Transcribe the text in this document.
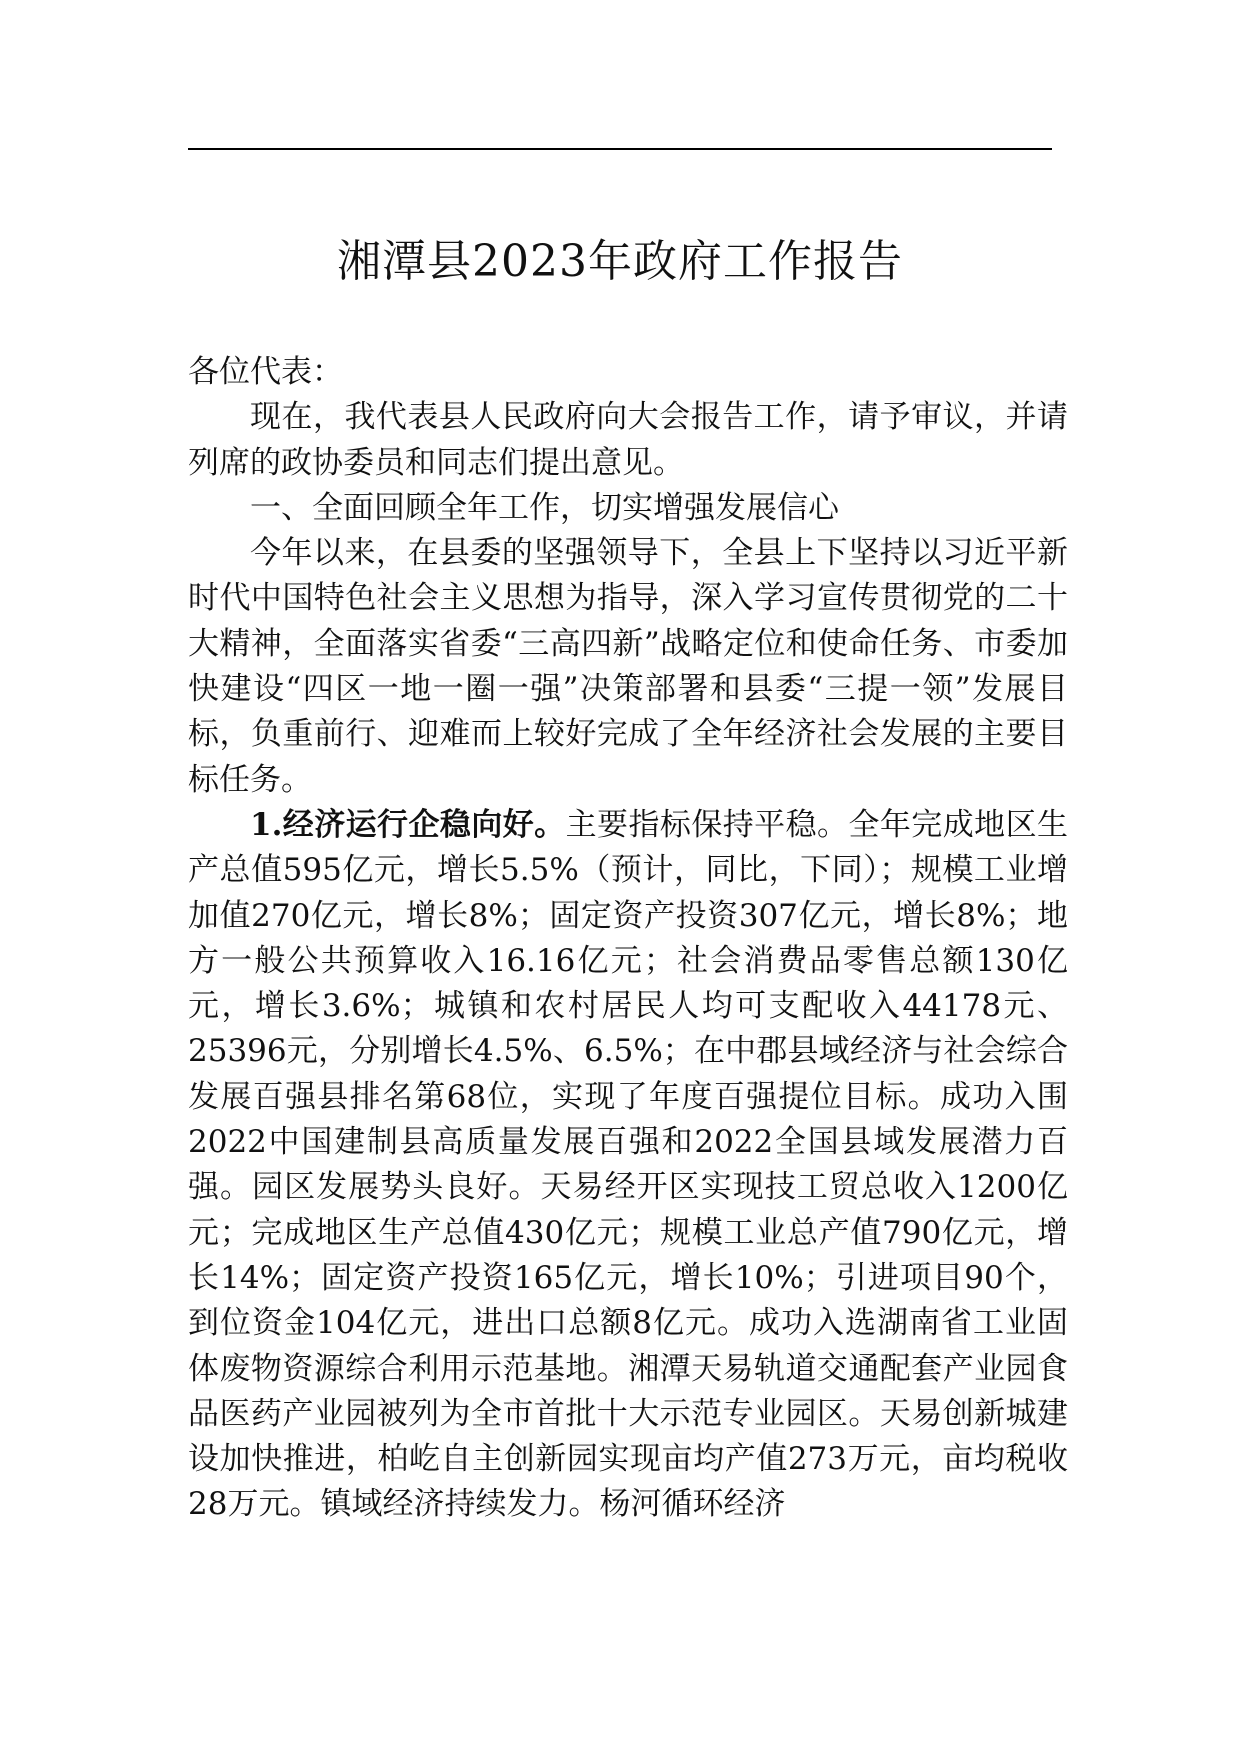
湘潭县2023年政府工作报告

各位代表：

现在，我代表县人民政府向大会报告工作，请予审议，并请列席的政协委员和同志们提出意见。

一、全面回顾全年工作，切实增强发展信心

今年以来，在县委的坚强领导下，全县上下坚持以习近平新时代中国特色社会主义思想为指导，深入学习宣传贯彻党的二十大精神，全面落实省委“三高四新”战略定位和使命任务、市委加快建设“四区一地一圈一强”决策部署和县委“三提一领”发展目标，负重前行、迎难而上较好完成了全年经济社会发展的主要目标任务。

1.经济运行企稳向好。主要指标保持平稳。全年完成地区生产总值595亿元，增长5.5%（预计，同比，下同）；规模工业增加值270亿元，增长8%；固定资产投资307亿元，增长8%；地方一般公共预算收入16.16亿元；社会消费品零售总额130亿元，增长3.6%；城镇和农村居民人均可支配收入44178元、25396元，分别增长4.5%、6.5%；在中郡县域经济与社会综合发展百强县排名第68位，实现了年度百强提位目标。成功入围2022中国建制县高质量发展百强和2022全国县域发展潜力百强。园区发展势头良好。天易经开区实现技工贸总收入1200亿元；完成地区生产总值430亿元；规模工业总产值790亿元，增长14%；固定资产投资165亿元，增长10%；引进项目90个，到位资金104亿元，进出口总额8亿元。成功入选湖南省工业固体废物资源综合利用示范基地。湘潭天易轨道交通配套产业园食品医药产业园被列为全市首批十大示范专业园区。天易创新城建设加快推进，柏屹自主创新园实现亩均产值273万元，亩均税收28万元。镇域经济持续发力。杨河循环经济
